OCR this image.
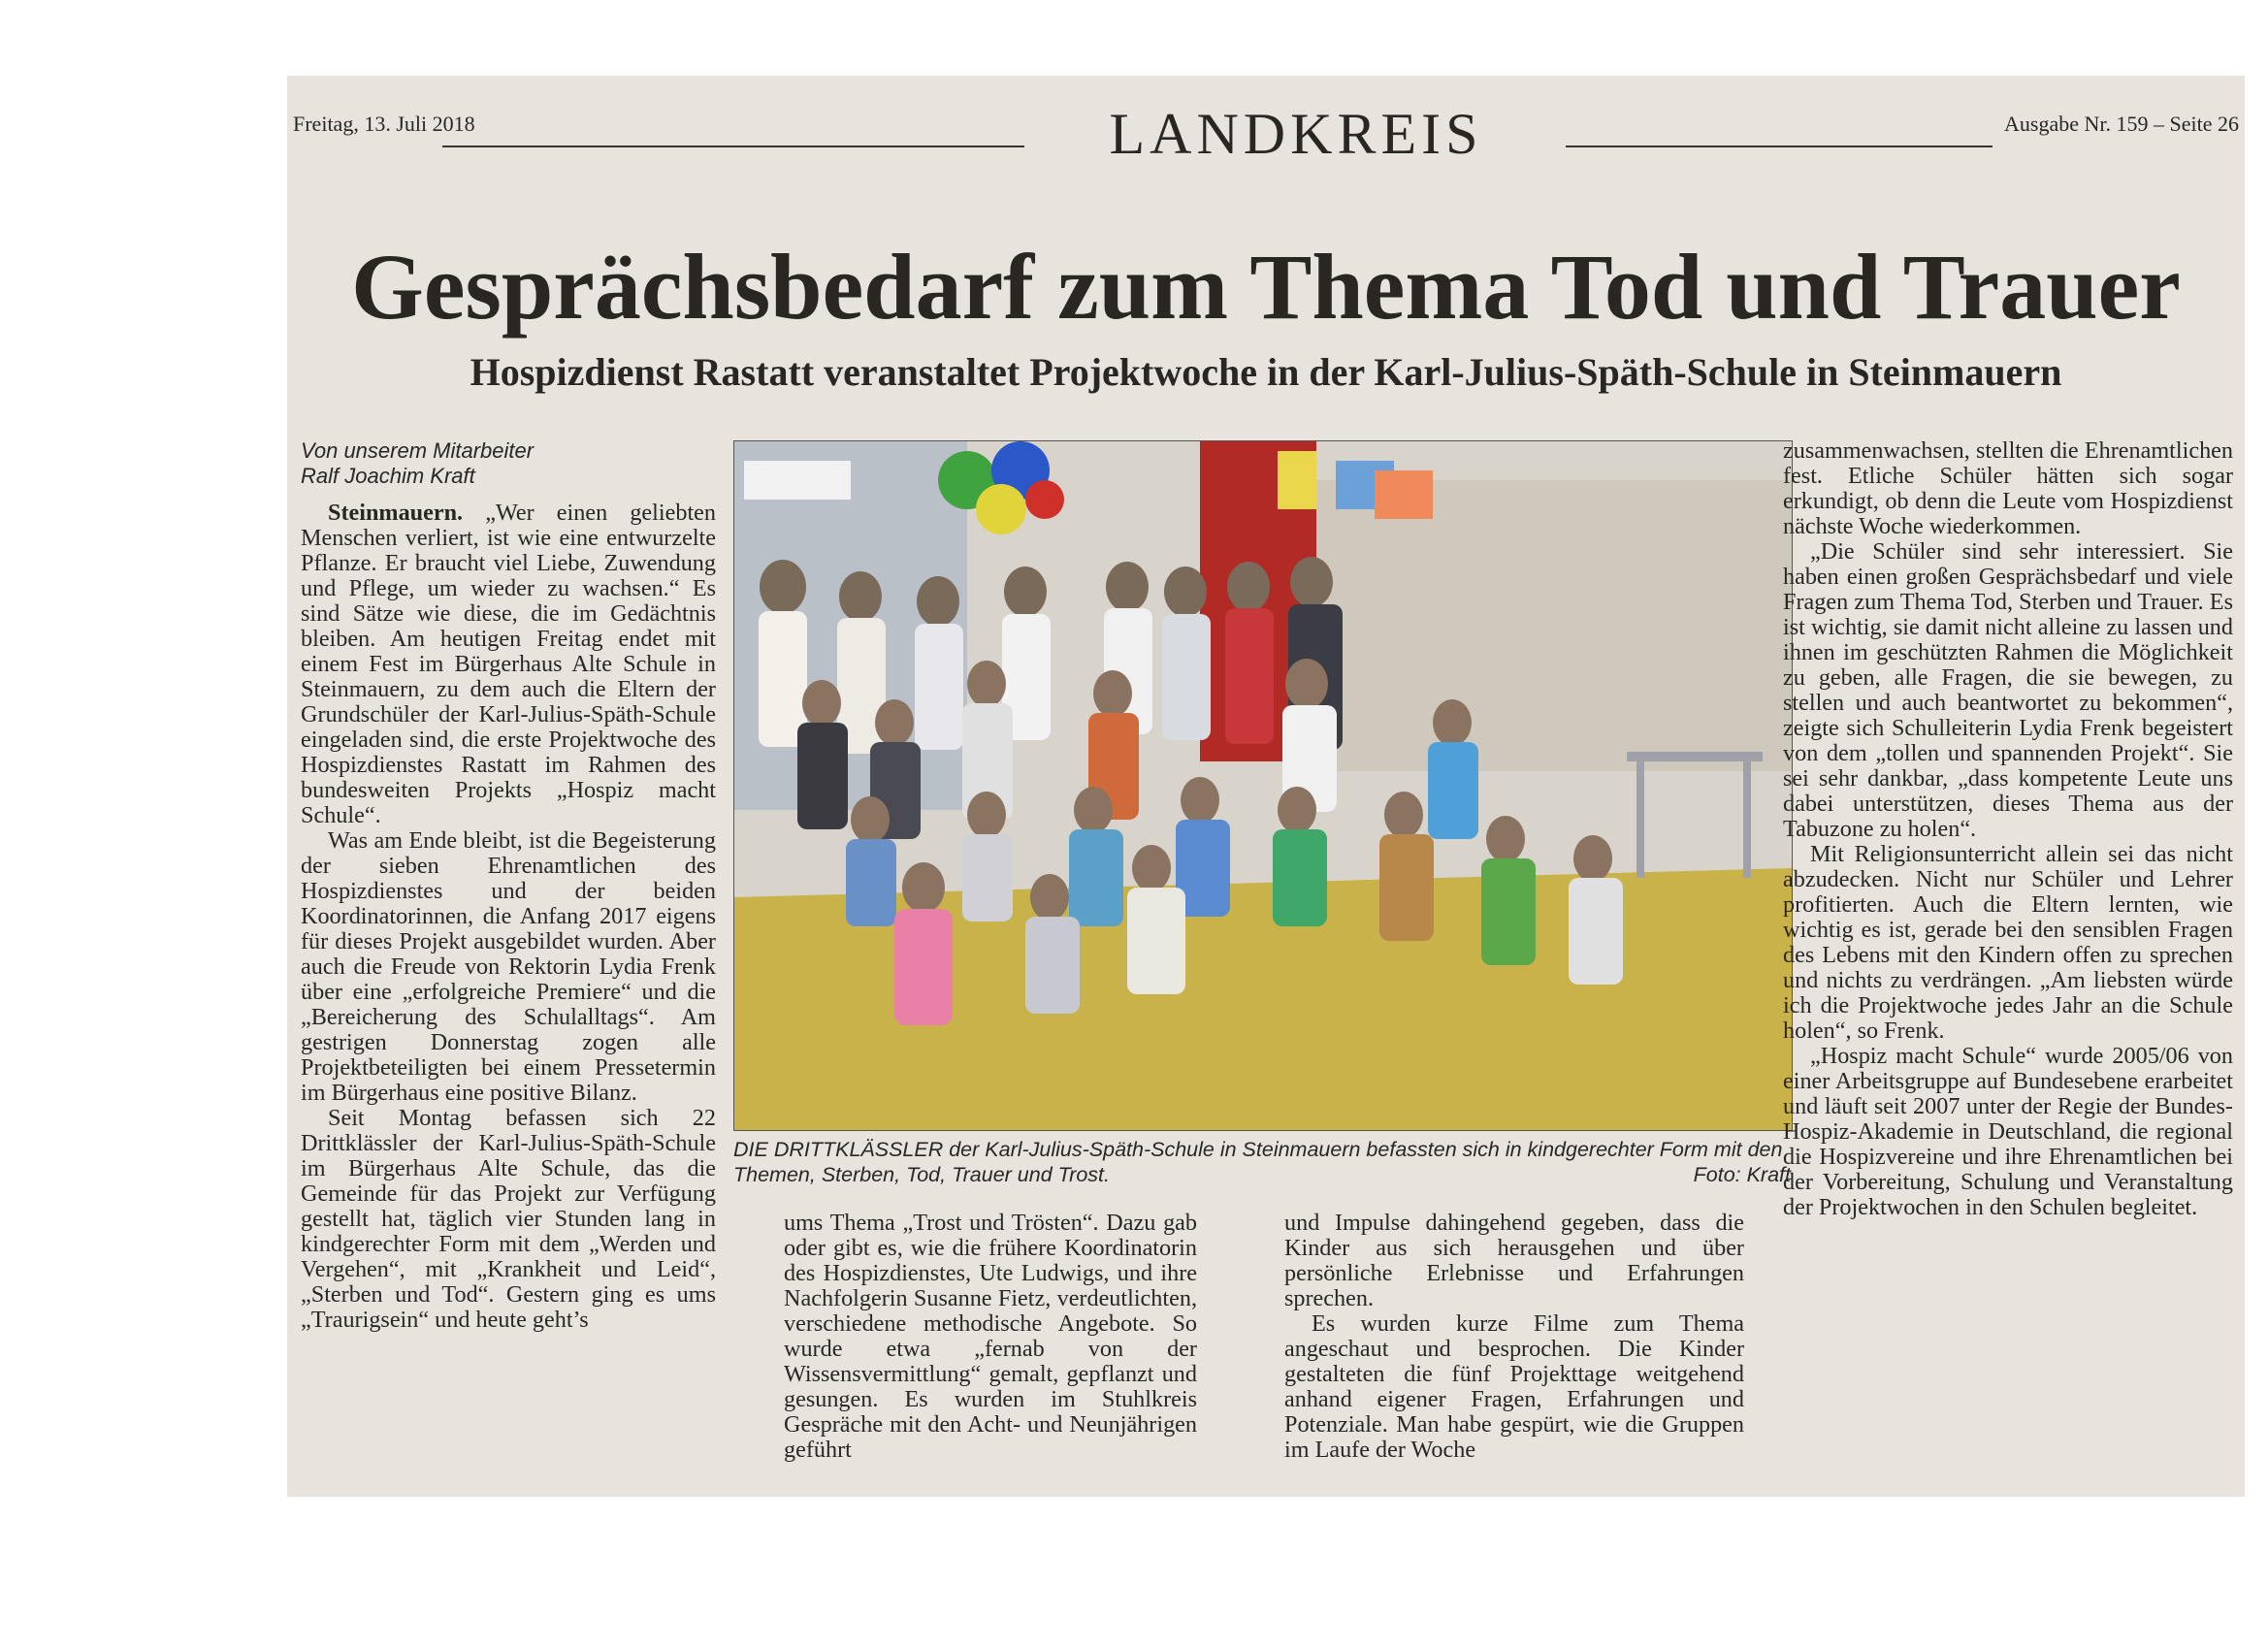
Freitag, 13. Juli 2018	LANDKREIS	Ausgabe Nr. 159 – Seite 26
Gesprächsbedarf zum Thema Tod und Trauer
Hospizdienst Rastatt veranstaltet Projektwoche in der Karl-Julius-Späth-Schule in Steinmauern
Von unserem Mitarbeiter
Ralf Joachim Kraft

Steinmauern. „Wer einen geliebten Menschen verliert, ist wie eine entwurzelte Pflanze. Er braucht viel Liebe, Zuwendung und Pflege, um wieder zu wachsen.“ Es sind Sätze wie diese, die im Gedächtnis bleiben. Am heutigen Freitag endet mit einem Fest im Bürgerhaus Alte Schule in Steinmauern, zu dem auch die Eltern der Grundschüler der Karl-Julius-Späth-Schule eingeladen sind, die erste Projektwoche des Hospizdienstes Rastatt im Rahmen des bundesweiten Projekts „Hospiz macht Schule“.

Was am Ende bleibt, ist die Begeisterung der sieben Ehrenamtlichen des Hospizdienstes und der beiden Koordinatorinnen, die Anfang 2017 eigens für dieses Projekt ausgebildet wurden. Aber auch die Freude von Rektorin Lydia Frenk über eine „erfolgreiche Premiere“ und die „Bereicherung des Schulalltags“. Am gestrigen Donnerstag zogen alle Projektbeteiligten bei einem Pressetermin im Bürgerhaus eine positive Bilanz.

Seit Montag befassen sich 22 Drittklässler der Karl-Julius-Späth-Schule im Bürgerhaus Alte Schule, das die Gemeinde für das Projekt zur Verfügung gestellt hat, täglich vier Stunden lang in kindgerechter Form mit dem „Werden und Vergehen“, mit „Krankheit und Leid“, „Sterben und Tod“. Gestern ging es ums „Traurigsein“ und heute geht’s

DIE DRITTKLÄSSLER der Karl-Julius-Späth-Schule in Steinmauern befassten sich in kindgerechter Form mit den Themen, Sterben, Tod, Trauer und Trost.	Foto: Kraft

ums Thema „Trost und Trösten“. Dazu gab oder gibt es, wie die frühere Koordinatorin des Hospizdienstes, Ute Ludwigs, und ihre Nachfolgerin Susanne Fietz, verdeutlichten, verschiedene methodische Angebote. So wurde etwa „fernab von der Wissensvermittlung“ gemalt, gepflanzt und gesungen. Es wurden im Stuhlkreis Gespräche mit den Acht- und Neunjährigen geführt

und Impulse dahingehend gegeben, dass die Kinder aus sich herausgehen und über persönliche Erlebnisse und Erfahrungen sprechen.

Es wurden kurze Filme zum Thema angeschaut und besprochen. Die Kinder gestalteten die fünf Projekttage weitgehend anhand eigener Fragen, Erfahrungen und Potenziale. Man habe gespürt, wie die Gruppen im Laufe der Woche

zusammenwachsen, stellten die Ehrenamtlichen fest. Etliche Schüler hätten sich sogar erkundigt, ob denn die Leute vom Hospizdienst nächste Woche wiederkommen.

„Die Schüler sind sehr interessiert. Sie haben einen großen Gesprächsbedarf und viele Fragen zum Thema Tod, Sterben und Trauer. Es ist wichtig, sie damit nicht alleine zu lassen und ihnen im geschützten Rahmen die Möglichkeit zu geben, alle Fragen, die sie bewegen, zu stellen und auch beantwortet zu bekommen“, zeigte sich Schulleiterin Lydia Frenk begeistert von dem „tollen und spannenden Projekt“. Sie sei sehr dankbar, „dass kompetente Leute uns dabei unterstützen, dieses Thema aus der Tabuzone zu holen“.

Mit Religionsunterricht allein sei das nicht abzudecken. Nicht nur Schüler und Lehrer profitierten. Auch die Eltern lernten, wie wichtig es ist, gerade bei den sensiblen Fragen des Lebens mit den Kindern offen zu sprechen und nichts zu verdrängen. „Am liebsten würde ich die Projektwoche jedes Jahr an die Schule holen“, so Frenk.

„Hospiz macht Schule“ wurde 2005/06 von einer Arbeitsgruppe auf Bundesebene erarbeitet und läuft seit 2007 unter der Regie der Bundes-Hospiz-Akademie in Deutschland, die regional die Hospizvereine und ihre Ehrenamtlichen bei der Vorbereitung, Schulung und Veranstaltung der Projektwochen in den Schulen begleitet.
